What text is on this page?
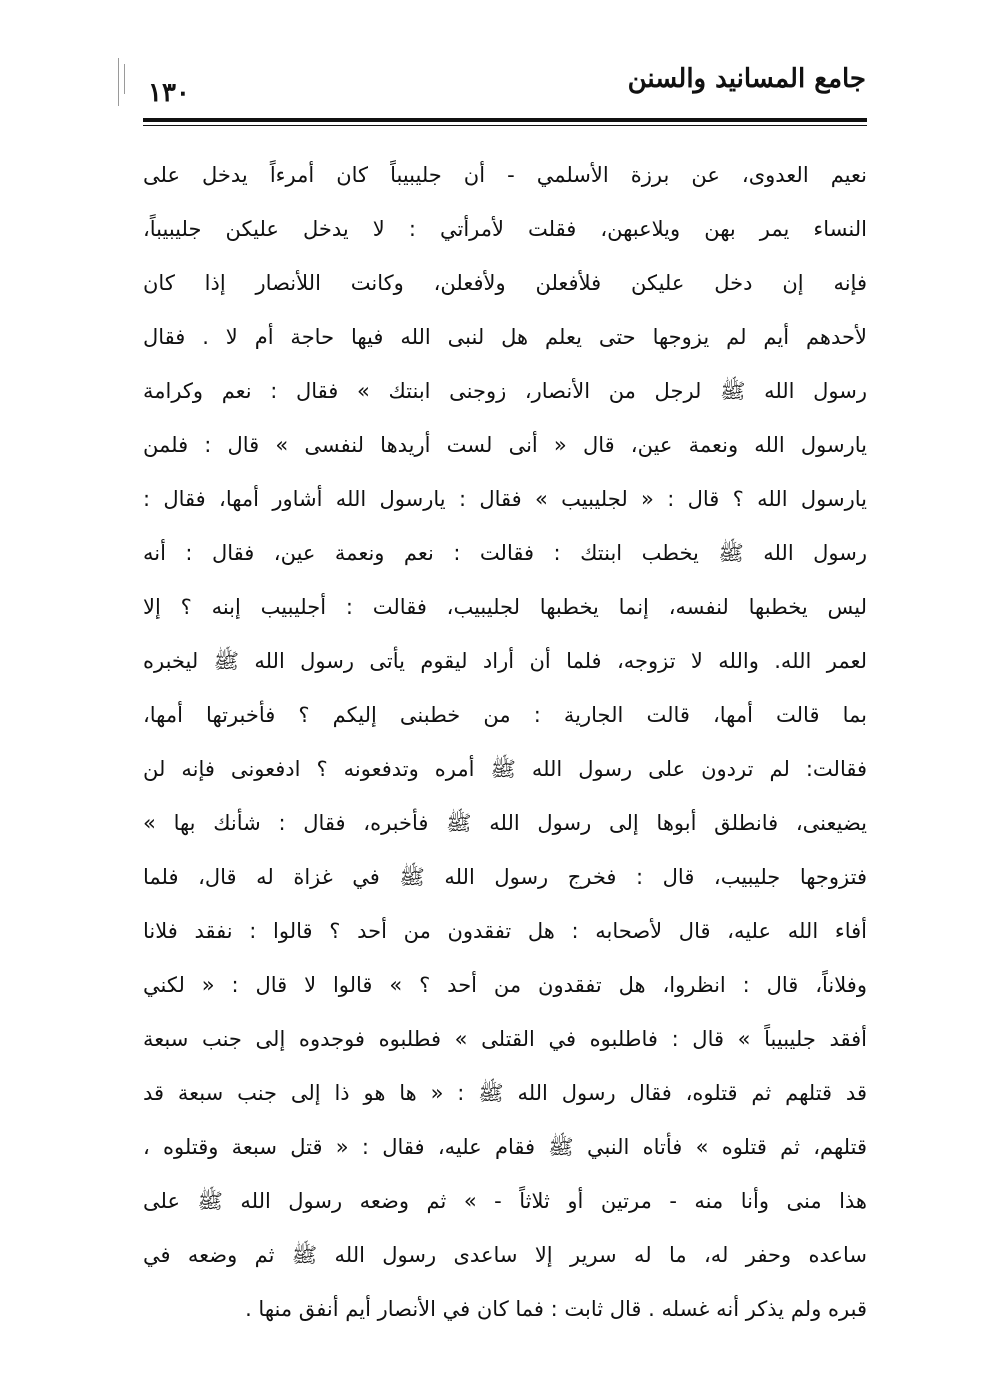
جامع المسانيد والسنن
١٣٠
نعيم العدوى، عن برزة الأسلمي - أن جليبيباً كان أمرءاً يدخل على
النساء يمر بهن ويلاعبهن، فقلت لأمرأتي : لا يدخل عليكن جليبيباً،
فإنه إن دخل عليكن فلأفعلن ولأفعلن، وكانت اللأنصار إذا كان
لأحدهم أيم لم يزوجها حتى يعلم هل لنبى الله فيها حاجة أم لا . فقال
رسول الله ﷺ لرجل من الأنصار، زوجنى ابنتك » فقال : نعم وكرامة
يارسول الله ونعمة عين، قال « أنى لست أريدها لنفسى » قال : فلمن
يارسول الله ؟ قال : « لجليبيب » فقال : يارسول الله أشاور أمها، فقال :
رسول الله ﷺ يخطب ابنتك : فقالت : نعم ونعمة عين، فقال : أنه
ليس يخطبها لنفسه، إنما يخطبها لجليبيب، فقالت : أجليبيب إبنه ؟ إلا
لعمر الله. والله لا تزوجه، فلما أن أراد ليقوم يأتى رسول الله ﷺ ليخبره
بما قالت أمها، قالت الجارية : من خطبنى إليكم ؟ فأخبرتها أمها،
فقالت: لم تردون على رسول الله ﷺ أمره وتدفعونه ؟ ادفعونى فإنه لن
يضيعنى، فانطلق أبوها إلى رسول الله ﷺ فأخبره، فقال : شأنك بها »
فتزوجها جليبيب، قال : فخرج رسول الله ﷺ في غزاة له قال، فلما
أفاء الله عليه، قال لأصحابه : هل تفقدون من أحد ؟ قالوا : نفقد فلانا
وفلاناً، قال : انظروا، هل تفقدون من أحد ؟ » قالوا لا قال : « لكني
أفقد جليبيباً » قال : فاطلبوه في القتلى » فطلبوه فوجدوه إلى جنب سبعة
قد قتلهم ثم قتلوه، فقال رسول الله ﷺ : « ها هو ذا إلى جنب سبعة قد
قتلهم، ثم قتلوه » فأتاه النبي ﷺ فقام عليه، فقال : « قتل سبعة وقتلوه ،
هذا منى وأنا منه - مرتين أو ثلاثاً - » ثم وضعه رسول الله ﷺ على
ساعده وحفر له، ما له سرير إلا ساعدى رسول الله ﷺ ثم وضعه في
قبره ولم يذكر أنه غسله . قال ثابت : فما كان في الأنصار أيم أنفق منها .
